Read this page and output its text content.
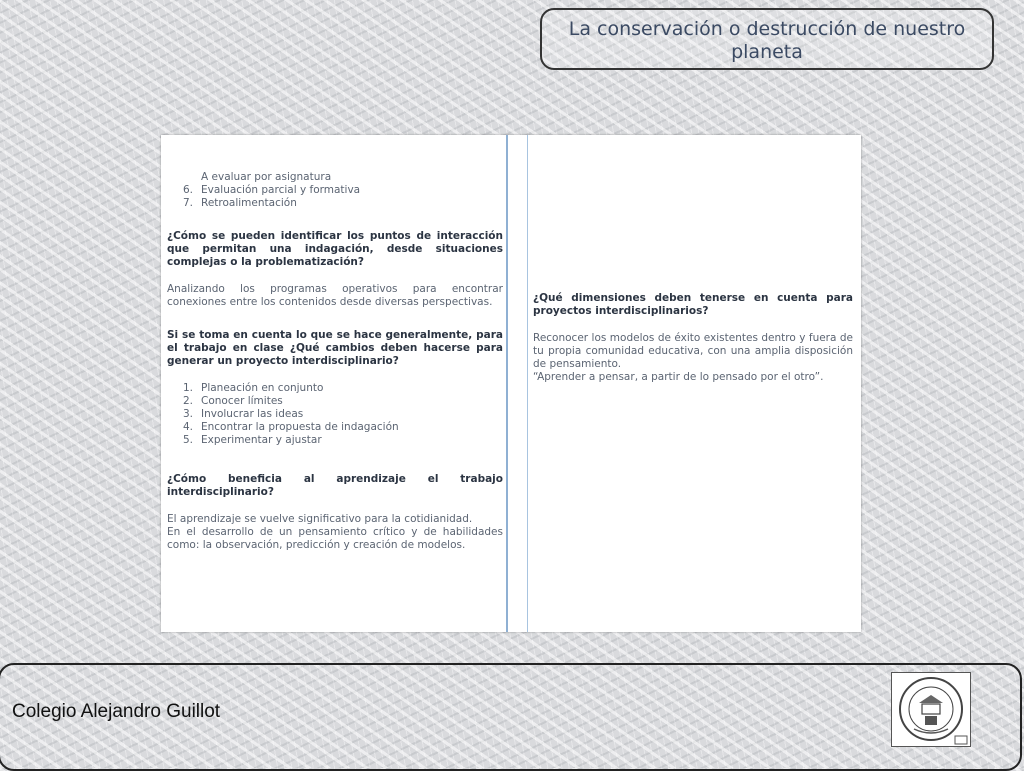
La conservación o destrucción de nuestro
planeta
A evaluar por asignatura
6. Evaluación parcial y formativa
7. Retroalimentación

¿Cómo se pueden identificar los puntos de interacción que permitan una indagación, desde situaciones complejas o la problematización?

Analizando los programas operativos para encontrar conexiones entre los contenidos desde diversas perspectivas.

Si se toma en cuenta lo que se hace generalmente, para el trabajo en clase ¿Qué cambios deben hacerse para generar un proyecto interdisciplinario?

1. Planeación en conjunto
2. Conocer límites
3. Involucrar las ideas
4. Encontrar la propuesta de indagación
5. Experimentar y ajustar

¿Cómo beneficia al aprendizaje el trabajo interdisciplinario?

El aprendizaje se vuelve significativo para la cotidianidad.

En el desarrollo de un pensamiento crítico y de habilidades como: la observación, predicción y creación de modelos.

¿Qué dimensiones deben tenerse en cuenta para proyectos interdisciplinarios?

Reconocer los modelos de éxito existentes dentro y fuera de tu propia comunidad educativa, con una amplia disposición de pensamiento.

“Aprender a pensar, a partir de lo pensado por el otro”.

Colegio Alejandro Guillot
